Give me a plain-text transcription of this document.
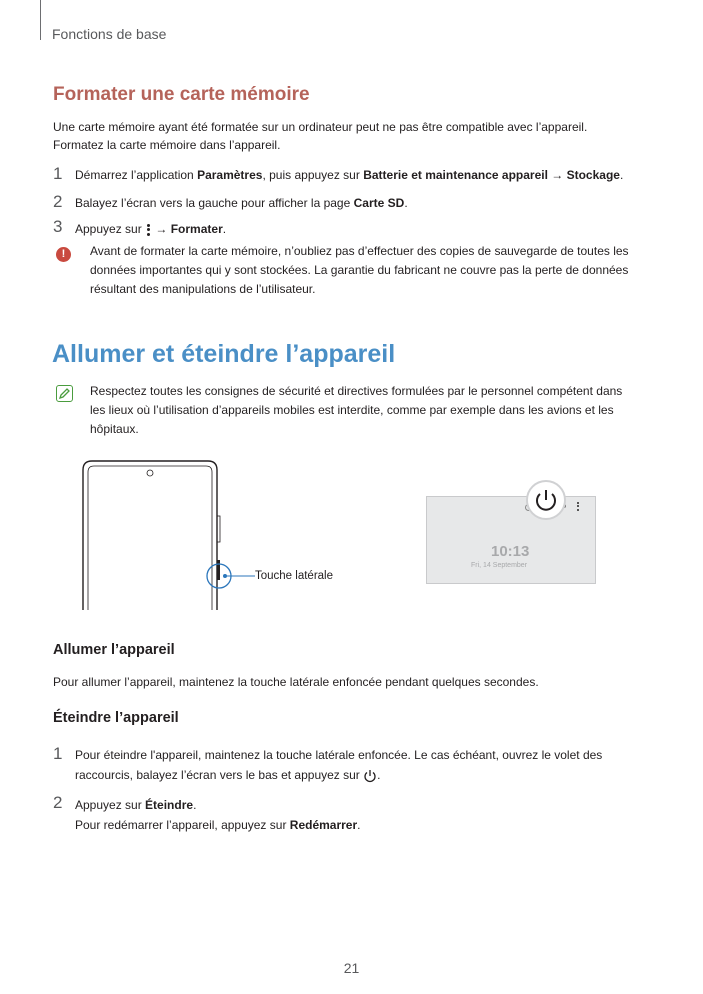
Fonctions de base
Formater une carte mémoire
Une carte mémoire ayant été formatée sur un ordinateur peut ne pas être compatible avec l’appareil.
Formatez la carte mémoire dans l’appareil.
1 Démarrez l’application Paramètres, puis appuyez sur Batterie et maintenance appareil → Stockage.
2 Balayez l’écran vers la gauche pour afficher la page Carte SD.
3 Appuyez sur
→ Formater.
!	Avant de formater la carte mémoire, n’oubliez pas d’effectuer des copies de sauvegarde de toutes les
données importantes qui y sont stockées. La garantie du fabricant ne couvre pas la perte de données
résultant des manipulations de l’utilisateur.
Allumer et éteindre l’appareil
Respectez toutes les consignes de sécurité et directives formulées par le personnel compétent dans
les lieux où l’utilisation d’appareils mobiles est interdite, comme par exemple dans les avions et les
hôpitaux.
Touche latérale
10:13
Fri, 14 September
Allumer l’appareil
Pour allumer l’appareil, maintenez la touche latérale enfoncée pendant quelques secondes.
Éteindre l’appareil
1 Pour éteindre l'appareil, maintenez la touche latérale enfoncée. Le cas échéant, ouvrez le volet des
raccourcis, balayez l’écran vers le bas et appuyez sur .
2 Appuyez sur Éteindre.
Pour redémarrer l’appareil, appuyez sur Redémarrer.
21
